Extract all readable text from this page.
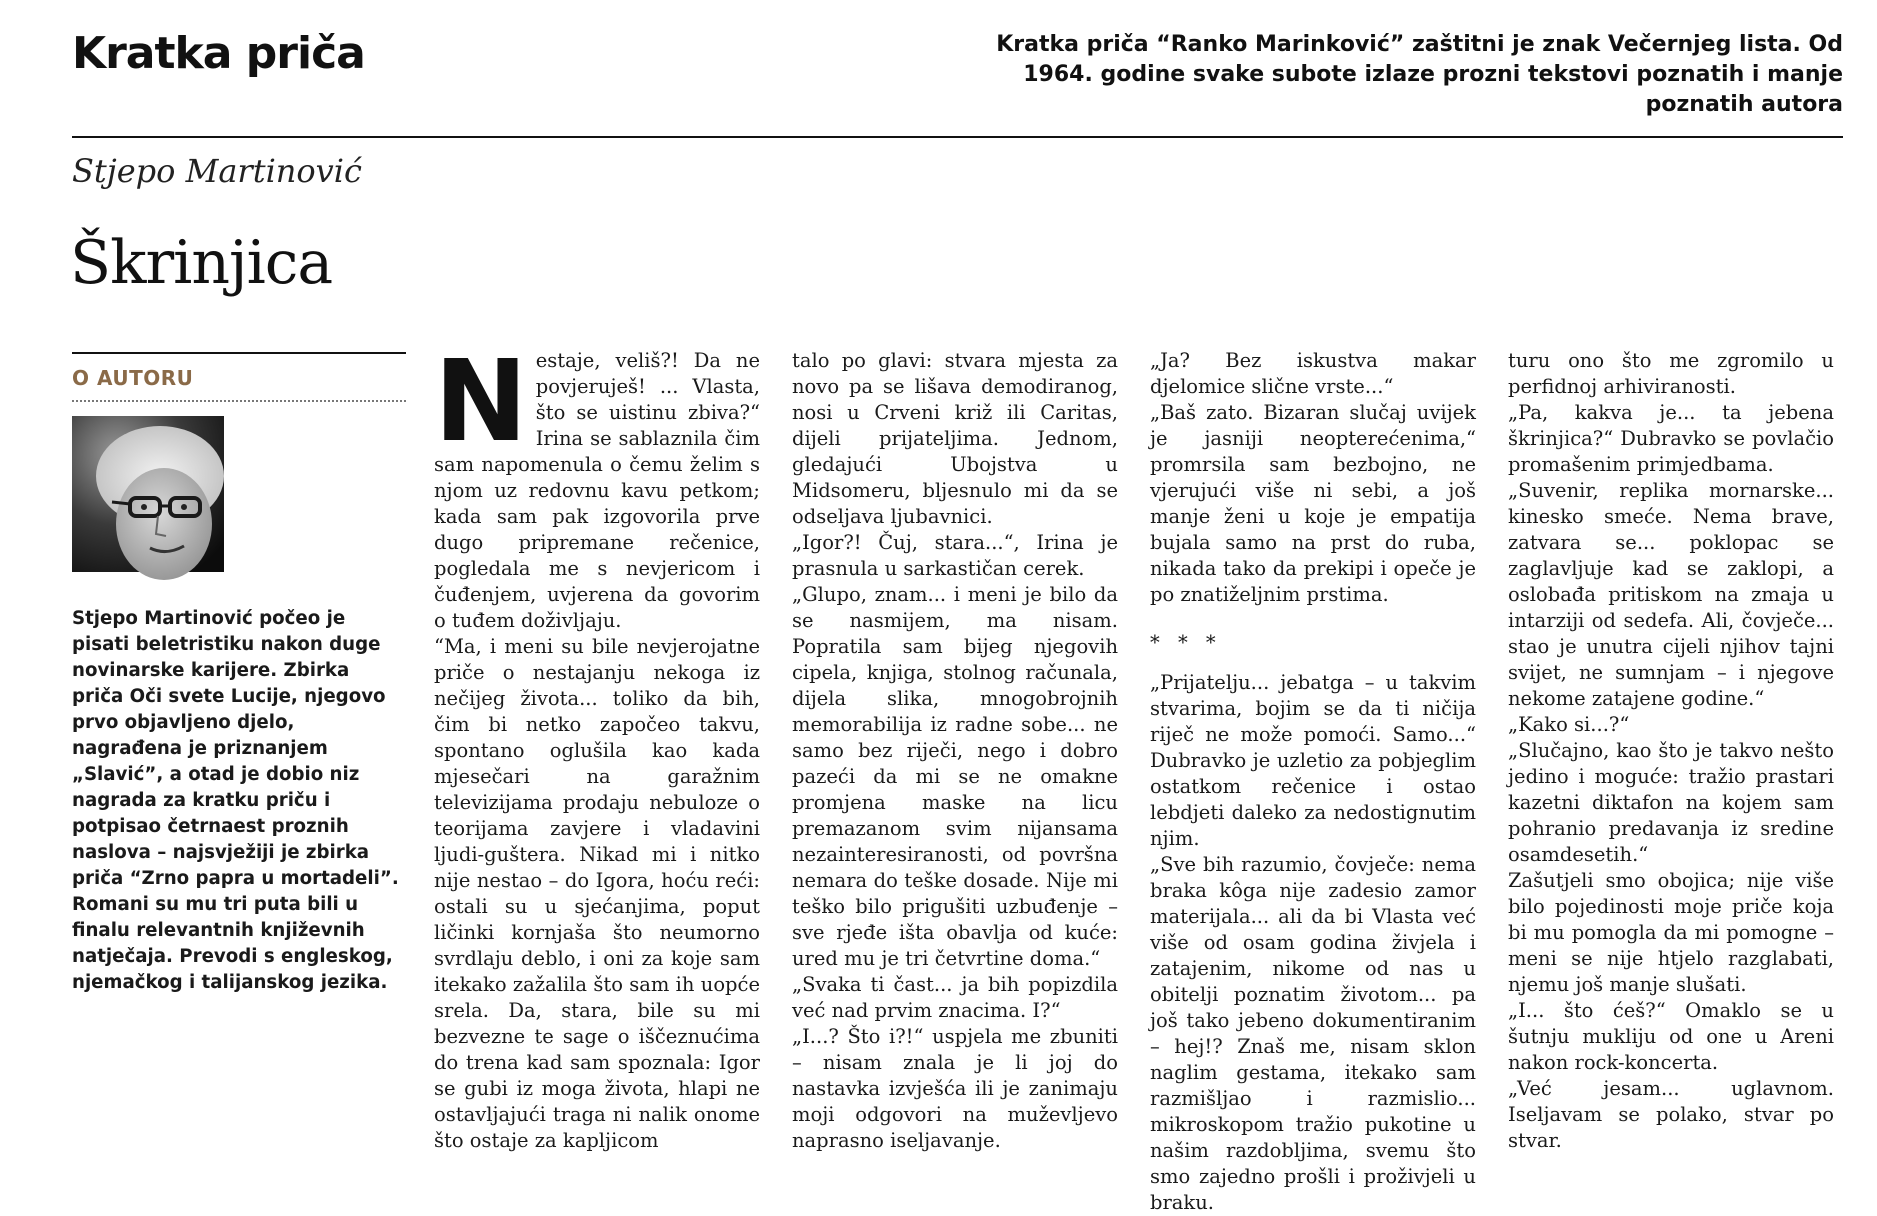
Kratka priča	Kratka priča “Ranko Marinković” zaštitni je znak Večernjeg lista. Od 1964. godine svake subote izlaze prozni tekstovi poznatih i manje poznatih autora
Stjepo Martinović
Škrinjica
O AUTORU
Stjepo Martinović počeo je pisati beletristiku nakon duge novinarske karijere. Zbirka priča Oči svete Lucije, njegovo prvo objavljeno djelo, nagrađena je priznanjem „Slavić”, a otad je dobio niz nagrada za kratku priču i potpisao četrnaest proznih naslova – najsvježiji je zbirka priča “Zrno papra u mortadeli”. Romani su mu tri puta bili u finalu relevantnih književnih natječaja. Prevodi s engleskog, njemačkog i talijanskog jezika.
N estaje, veliš?! Da ne povjeruješ! ... Vlasta, što se uistinu zbiva?“ Irina se sablaznila čim sam napomenula o čemu želim s njom uz redovnu kavu petkom; kada sam pak izgovorila prve dugo pripremane rečenice, pogledala me s nevjericom i čuđenjem, uvjerena da govorim o tuđem doživljaju.

“Ma, i meni su bile nevjerojatne priče o nestajanju nekoga iz nečijeg života... toliko da bih, čim bi netko započeo takvu, spontano oglušila kao kada mjesečari na garažnim televizijama prodaju nebuloze o teorijama zavjere i vladavini ljudi-guštera. Nikad mi i nitko nije nestao – do Igora, hoću reći: ostali su u sjećanjima, poput ličinki kornjaša što neumorno svrdlaju deblo, i oni za koje sam itekako zažalila što sam ih uopće srela. Da, stara, bile su mi bezvezne te sage o iščeznućima do trena kad sam spoznala: Igor se gubi iz moga života, hlapi ne ostavljajući traga ni nalik onome što ostaje za kapljicom

talo po glavi: stvara mjesta za novo pa se lišava demodiranog, nosi u Crveni križ ili Caritas, dijeli prijateljima. Jednom, gledajući Ubojstva u Midsomeru, bljesnulo mi da se odseljava ljubavnici.

„Igor?! Čuj, stara...“, Irina je prasnula u sarkastičan cerek.

„Glupo, znam... i meni je bilo da se nasmijem, ma nisam. Popratila sam bijeg njegovih cipela, knjiga, stolnog računala, dijela slika, mnogobrojnih memorabilija iz radne sobe... ne samo bez riječi, nego i dobro pazeći da mi se ne omakne promjena maske na licu premazanom svim nijansama nezainteresiranosti, od površna nemara do teške dosade. Nije mi teško bilo prigušiti uzbuđenje – sve rjeđe išta obavlja od kuće: ured mu je tri četvrtine doma.“

„Svaka ti čast... ja bih popizdila već nad prvim znacima. I?“

„I...? Što i?!“ uspjela me zbuniti – nisam znala je li joj do nastavka izvješća ili je zanimaju moji odgovori na muževljevo naprasno iseljavanje.

„Ja? Bez iskustva makar djelomice slične vrste...“

„Baš zato. Bizaran slučaj uvijek je jasniji neopterećenima,“ promrsila sam bezbojno, ne vjerujući više ni sebi, a još manje ženi u koje je empatija bujala samo na prst do ruba, nikada tako da prekipi i opeče je po znatiželjnim prstima.

* * *

„Prijatelju... jebatga – u takvim stvarima, bojim se da ti ničija riječ ne može pomoći. Samo...“ Dubravko je uzletio za pobjeglim ostatkom rečenice i ostao lebdjeti daleko za nedostignutim njim.

„Sve bih razumio, čovječe: nema braka kôga nije zadesio zamor materijala... ali da bi Vlasta već više od osam godina živjela i zatajenim, nikome od nas u obitelji poznatim životom... pa još tako jebeno dokumentiranim – hej!? Znaš me, nisam sklon naglim gestama, itekako sam razmišljao i razmislio... mikroskopom tražio pukotine u našim razdobljima, svemu što smo zajedno prošli i proživjeli u braku.

turu ono što me zgromilo u perfidnoj arhiviranosti.

„Pa, kakva je... ta jebena škrinjica?“ Dubravko se povlačio promašenim primjedbama.

„Suvenir, replika mornarske... kinesko smeće. Nema brave, zatvara se... poklopac se zaglavljuje kad se zaklopi, a oslobađa pritiskom na zmaja u intarziji od sedefa. Ali, čovječe... stao je unutra cijeli njihov tajni svijet, ne sumnjam – i njegove nekome zatajene godine.“

„Kako si...?“

„Slučajno, kao što je takvo nešto jedino i moguće: tražio prastari kazetni diktafon na kojem sam pohranio predavanja iz sredine osamdesetih.“

Zašutjeli smo obojica; nije više bilo pojedinosti moje priče koja bi mu pomogla da mi pomogne – meni se nije htjelo razglabati, njemu još manje slušati.

„I... što ćeš?“ Omaklo se u šutnju mukliju od one u Areni nakon rock-koncerta.

„Već jesam... uglavnom. Iseljavam se polako, stvar po stvar.
